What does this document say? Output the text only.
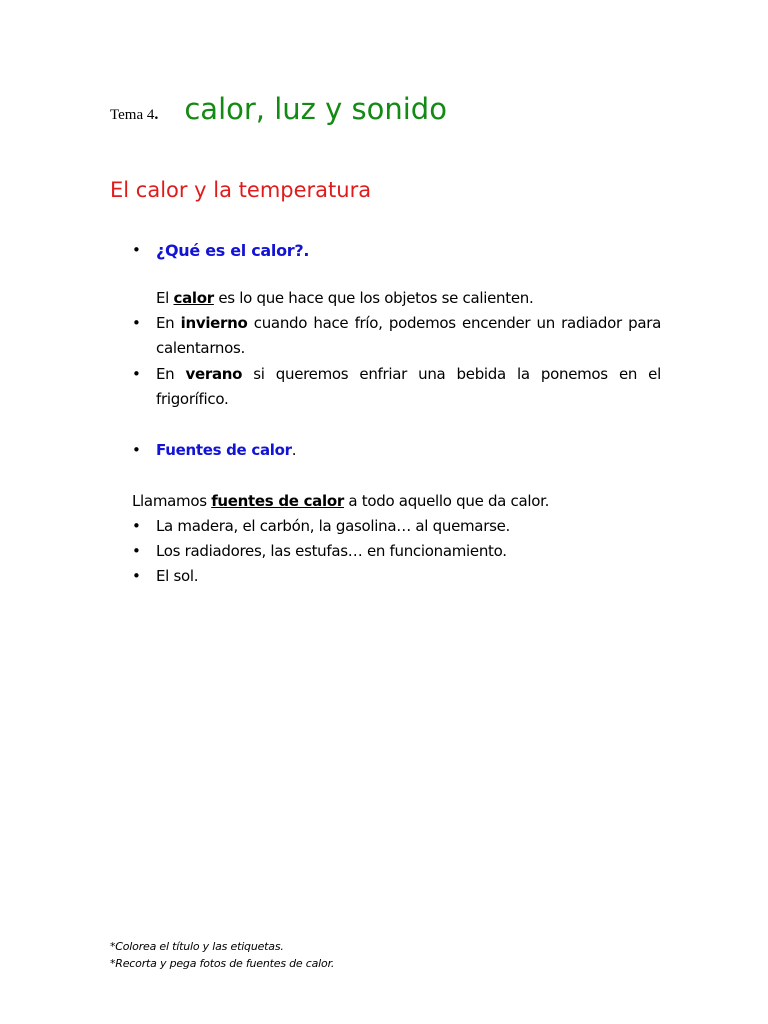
Tema 4 . calor, luz y sonido
El calor y la temperatura
• ¿Qué es el calor?.
El calor es lo que hace que los objetos se calienten.
•	En invierno cuando hace frío, podemos encender un radiador para calentarnos.
•	En verano si queremos enfriar una bebida la ponemos en el frigorífico.
•	Fuentes de calor.
Llamamos fuentes de calor a todo aquello que da calor.
•	La madera, el carbón, la gasolina… al quemarse.
•	Los radiadores, las estufas… en funcionamiento.
•	El sol.
*Colorea el título y las etiquetas.
*Recorta y pega fotos de fuentes de calor.
